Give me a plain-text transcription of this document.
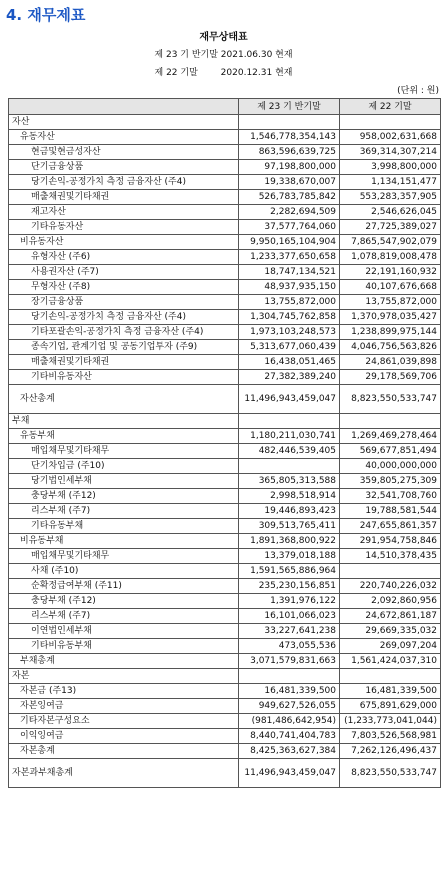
4. 재무제표
재무상태표
제 23 기 반기말 2021.06.30 현재
제 22 기말        2020.12.31 현재
(단위 : 원)
	제 23 기 반기말	제 22 기말
자산		
유동자산	1,546,778,354,143	958,002,631,668
현금및현금성자산	863,596,639,725	369,314,307,214
단기금융상품	97,198,800,000	3,998,800,000
당기손익-공정가치 측정 금융자산 (주4)	19,338,670,007	1,134,151,477
매출채권및기타채권	526,783,785,842	553,283,357,905
재고자산	2,282,694,509	2,546,626,045
기타유동자산	37,577,764,060	27,725,389,027
비유동자산	9,950,165,104,904	7,865,547,902,079
유형자산 (주6)	1,233,377,650,658	1,078,819,008,478
사용권자산 (주7)	18,747,134,521	22,191,160,932
무형자산 (주8)	48,937,935,150	40,107,676,668
장기금융상품	13,755,872,000	13,755,872,000
당기손익-공정가치 측정 금융자산 (주4)	1,304,745,762,858	1,370,978,035,427
기타포괄손익-공정가치 측정 금융자산 (주4)	1,973,103,248,573	1,238,899,975,144
종속기업, 관계기업 및 공동기업투자 (주9)	5,313,677,060,439	4,046,756,563,826
매출채권및기타채권	16,438,051,465	24,861,039,898
기타비유동자산	27,382,389,240	29,178,569,706
자산총계	11,496,943,459,047	8,823,550,533,747
부채		
유동부채	1,180,211,030,741	1,269,469,278,464
매입채무및기타채무	482,446,539,405	569,677,851,494
단기차입금 (주10)		40,000,000,000
당기법인세부채	365,805,313,588	359,805,275,309
충당부채 (주12)	2,998,518,914	32,541,708,760
리스부채 (주7)	19,446,893,423	19,788,581,544
기타유동부채	309,513,765,411	247,655,861,357
비유동부채	1,891,368,800,922	291,954,758,846
매입채무및기타채무	13,379,018,188	14,510,378,435
사채 (주10)	1,591,565,886,964	
순확정급여부채 (주11)	235,230,156,851	220,740,226,032
충당부채 (주12)	1,391,976,122	2,092,860,956
리스부채 (주7)	16,101,066,023	24,672,861,187
이연법인세부채	33,227,641,238	29,669,335,032
기타비유동부채	473,055,536	269,097,204
부채총계	3,071,579,831,663	1,561,424,037,310
자본		
자본금 (주13)	16,481,339,500	16,481,339,500
자본잉여금	949,627,526,055	675,891,629,000
기타자본구성요소	(981,486,642,954)	(1,233,773,041,044)
이익잉여금	8,440,741,404,783	7,803,526,568,981
자본총계	8,425,363,627,384	7,262,126,496,437
자본과부채총계	11,496,943,459,047	8,823,550,533,747
